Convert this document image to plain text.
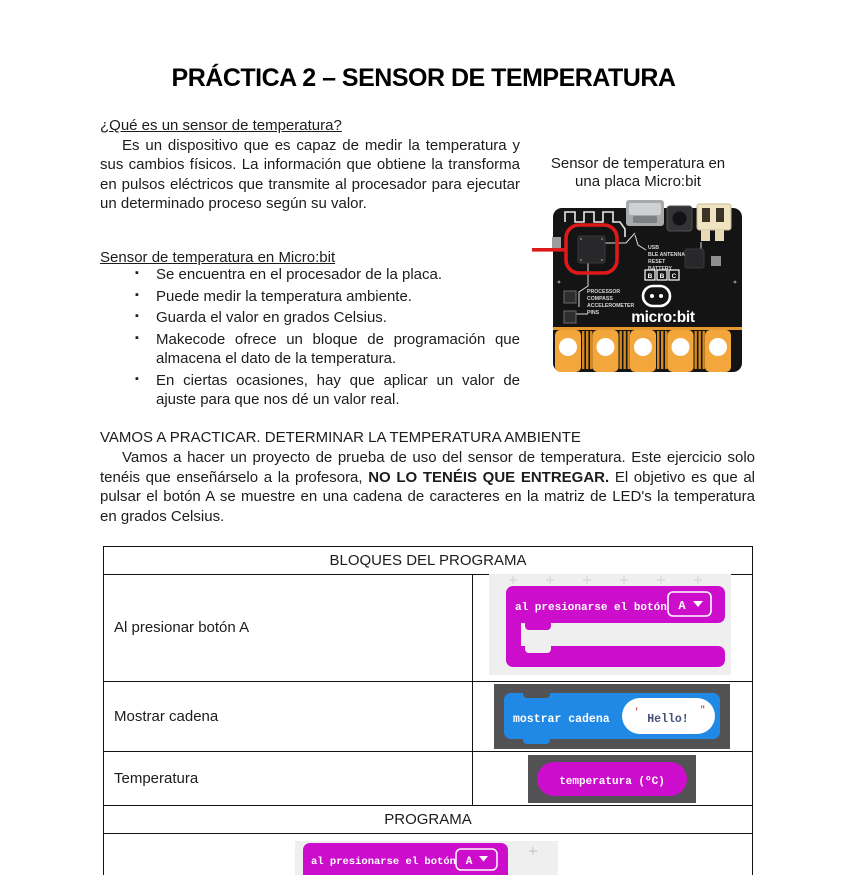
PRÁCTICA 2 – SENSOR DE TEMPERATURA
¿Qué es un sensor de temperatura?
Es un dispositivo que es capaz de medir la temperatura y sus cambios físicos. La información que obtiene la transforma en pulsos eléctricos que transmite al procesador para ejecutar un determinado proceso según su valor.
Sensor de temperatura en
una placa Micro:bit
USB
BLE ANTENNA
RESET
BATTERY
B B C
micro:bit
PROCESSOR
COMPASS
ACCELEROMETER
PINS
Sensor de temperatura en Micro:bit
▪ Se encuentra en el procesador de la placa.
▪ Puede medir la temperatura ambiente.
▪ Guarda el valor en grados Celsius.
▪ Makecode ofrece un bloque de programación que almacena el dato de la temperatura.
▪ En ciertas ocasiones, hay que aplicar un valor de ajuste para que nos dé un valor real.
VAMOS A PRACTICAR. DETERMINAR LA TEMPERATURA AMBIENTE
Vamos a hacer un proyecto de prueba de uso del sensor de temperatura. Este ejercicio solo tenéis que enseñárselo a la profesora, NO LO TENÉIS QUE ENTREGAR. El objetivo es que al pulsar el botón A se muestre en una cadena de caracteres en la matriz de LED's la temperatura en grados Celsius.
BLOQUES DEL PROGRAMA
Al presionar botón A
Mostrar cadena
Temperatura
PROGRAMA
al presionarse el botón A
mostrar cadena
'	"
Hello!
temperatura (ºC)
al presionarse el botón A
